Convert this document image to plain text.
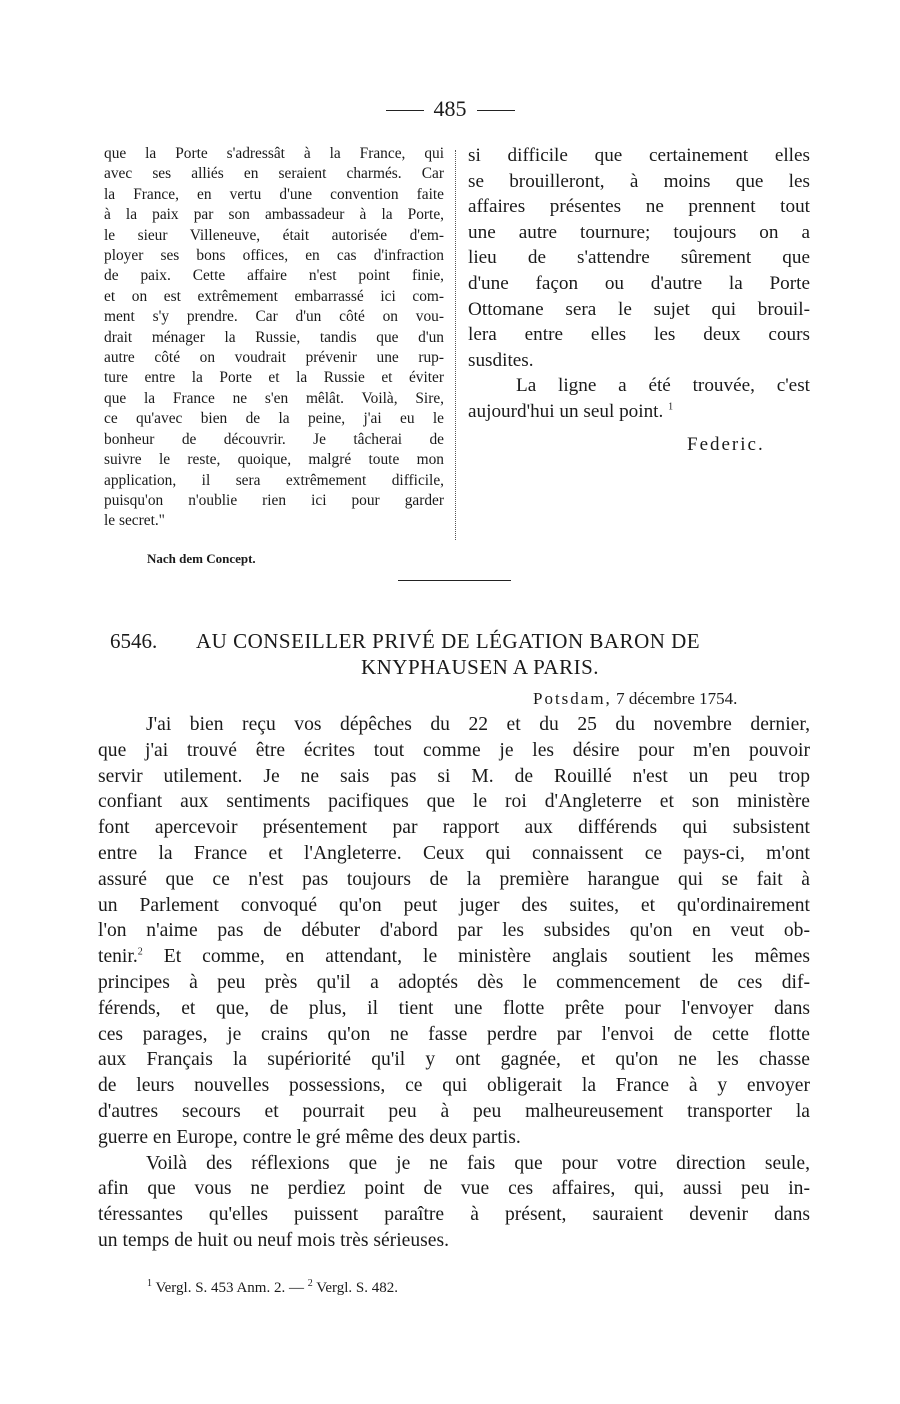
485
que la Porte s'adressât à la France, qui
avec ses alliés en seraient charmés. Car
la France, en vertu d'une convention faite
à la paix par son ambassadeur à la Porte,
le sieur Villeneuve, était autorisée d'em-
ployer ses bons offices, en cas d'infraction
de paix. Cette affaire n'est point finie,
et on est extrêmement embarrassé ici com-
ment s'y prendre. Car d'un côté on vou-
drait ménager la Russie, tandis que d'un
autre côté on voudrait prévenir une rup-
ture entre la Porte et la Russie et éviter
que la France ne s'en mêlât. Voilà, Sire,
ce qu'avec bien de la peine, j'ai eu le
bonheur de découvrir. Je tâcherai de
suivre le reste, quoique, malgré toute mon
application, il sera extrêmement difficile,
puisqu'on n'oublie rien ici pour garder
le secret."
si difficile que certainement elles
se brouilleront, à moins que les
affaires présentes ne prennent tout
une autre tournure; toujours on a
lieu de s'attendre sûrement que
d'une façon ou d'autre la Porte
Ottomane sera le sujet qui brouil-
lera entre elles les deux cours
susdites.
La ligne a été trouvée, c'est
aujourd'hui un seul point. $^1$
Federic.
Nach dem Concept.
6546.	AU CONSEILLER PRIVÉ DE LÉGATION BARON DE
KNYPHAUSEN A PARIS.
Potsdam, 7 décembre 1754.
J'ai bien reçu vos dépêches du 22 et du 25 du novembre dernier,
que j'ai trouvé être écrites tout comme je les désire pour m'en pouvoir
servir utilement. Je ne sais pas si M. de Rouillé n'est un peu trop
confiant aux sentiments pacifiques que le roi d'Angleterre et son ministère
font apercevoir présentement par rapport aux différends qui subsistent
entre la France et l'Angleterre. Ceux qui connaissent ce pays-ci, m'ont
assuré que ce n'est pas toujours de la première harangue qui se fait à
un Parlement convoqué qu'on peut juger des suites, et qu'ordinairement
l'on n'aime pas de débuter d'abord par les subsides qu'on en veut ob-
tenir.$^2$ Et comme, en attendant, le ministère anglais soutient les mêmes
principes à peu près qu'il a adoptés dès le commencement de ces dif-
férends, et que, de plus, il tient une flotte prête pour l'envoyer dans
ces parages, je crains qu'on ne fasse perdre par l'envoi de cette flotte
aux Français la supériorité qu'il y ont gagnée, et qu'on ne les chasse
de leurs nouvelles possessions, ce qui obligerait la France à y envoyer
d'autres secours et pourrait peu à peu malheureusement transporter la
guerre en Europe, contre le gré même des deux partis.
Voilà des réflexions que je ne fais que pour votre direction seule,
afin que vous ne perdiez point de vue ces affaires, qui, aussi peu in-
téressantes qu'elles puissent paraître à présent, sauraient devenir dans
un temps de huit ou neuf mois très sérieuses.
$^1$ Vergl. S. 453 Anm. 2. — $^2$ Vergl. S. 482.
